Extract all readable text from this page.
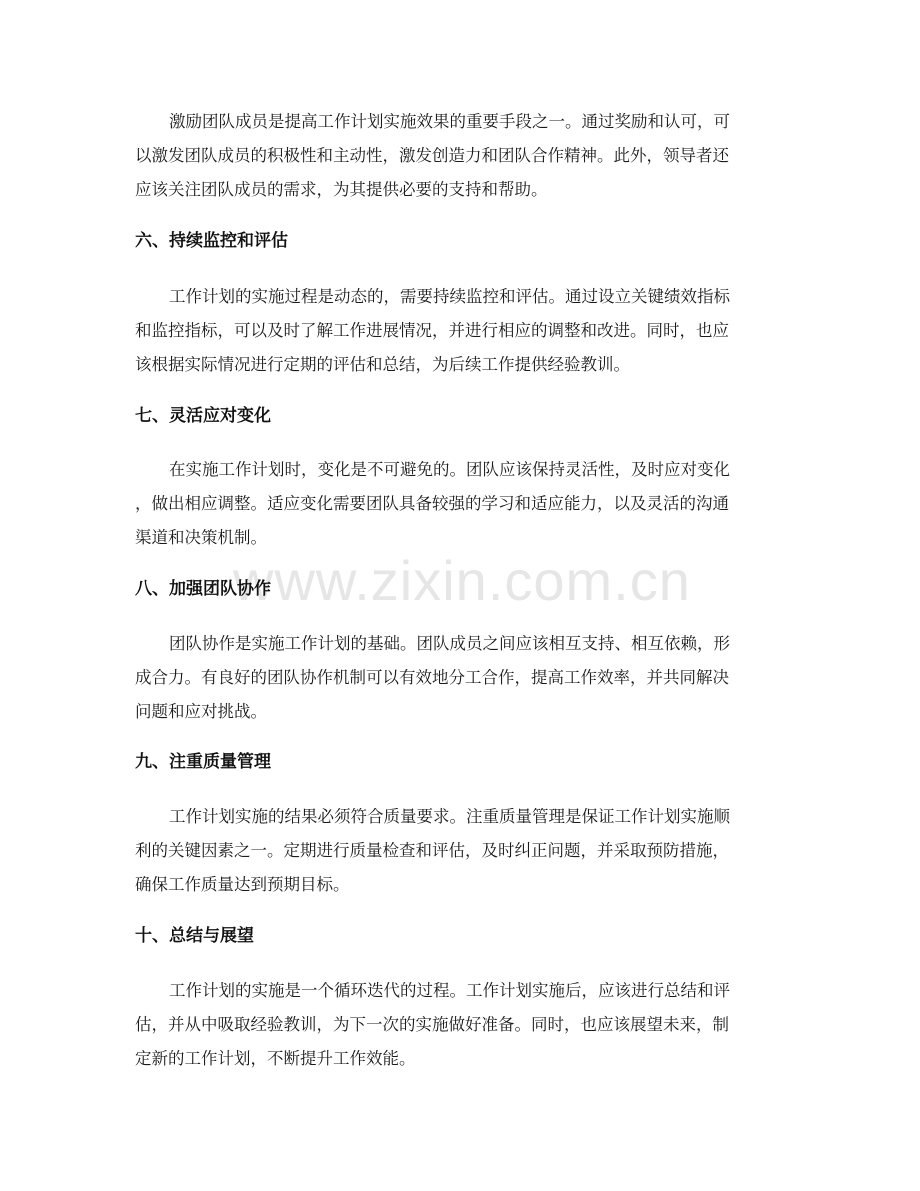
www.zixin.com.cn

激励团队成员是提高工作计划实施效果的重要手段之一。通过奖励和认可，可
以激发团队成员的积极性和主动性，激发创造力和团队合作精神。此外，领导者还
应该关注团队成员的需求，为其提供必要的支持和帮助。

六、持续监控和评估

工作计划的实施过程是动态的，需要持续监控和评估。通过设立关键绩效指标
和监控指标，可以及时了解工作进展情况，并进行相应的调整和改进。同时，也应
该根据实际情况进行定期的评估和总结，为后续工作提供经验教训。

七、灵活应对变化

在实施工作计划时，变化是不可避免的。团队应该保持灵活性，及时应对变化
，做出相应调整。适应变化需要团队具备较强的学习和适应能力，以及灵活的沟通
渠道和决策机制。

八、加强团队协作

团队协作是实施工作计划的基础。团队成员之间应该相互支持、相互依赖，形
成合力。有良好的团队协作机制可以有效地分工合作，提高工作效率，并共同解决
问题和应对挑战。

九、注重质量管理

工作计划实施的结果必须符合质量要求。注重质量管理是保证工作计划实施顺
利的关键因素之一。定期进行质量检查和评估，及时纠正问题，并采取预防措施，
确保工作质量达到预期目标。

十、总结与展望

工作计划的实施是一个循环迭代的过程。工作计划实施后，应该进行总结和评
估，并从中吸取经验教训，为下一次的实施做好准备。同时，也应该展望未来，制
定新的工作计划，不断提升工作效能。
